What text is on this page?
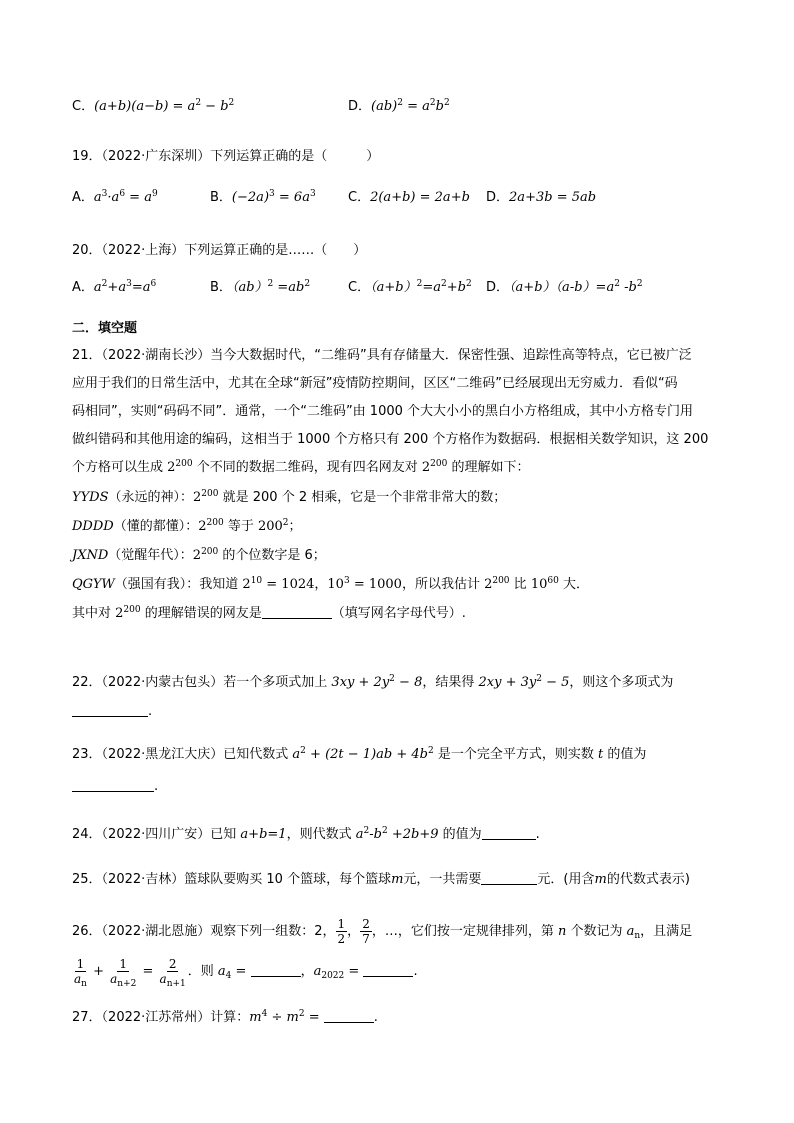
C．$(a+b)(a-b) = a^2 - b^2$	D．$(ab)^2 = a^2b^2$
19．（2022·广东深圳）下列运算正确的是（　　　）
A．$a^3\cdot a^6 = a^9$	B．$(-2a)^3 = 6a^3$ C．2(a+b) = 2a+b D．2a+3b = 5ab
20．（2022·上海）下列运算正确的是……（　　）
A．$a^2+a^3=a^6$	B．$(ab)^2 =ab^2$	C．$(a+b)^2=a^2+b^2$ D．$(a+b)(a-b)=a^2$ $-b^2$
二．填空题
21．（2022·湖南长沙）当今大数据时代，“二维码”具有存储量大．保密性强、追踪性高等特点，它已被广泛
应用于我们的日常生活中，尤其在全球“新冠”疫情防控期间，区区“二维码”已经展现出无穷威力．看似“码
码相同”，实则“码码不同”．通常，一个“二维码”由 1000 个大大小小的黑白小方格组成，其中小方格专门用
做纠错码和其他用途的编码，这相当于 1000 个方格只有 200 个方格作为数据码．根据相关数学知识，这 200
个方格可以生成 $2^{200}$ 个不同的数据二维码，现有四名网友对 $2^{200}$ 的理解如下：
YYDS（永远的神）：$2^{200}$ 就是 200 个 2 相乘，它是一个非常非常大的数；
DDDD（懂的都懂）：$2^{200}$ 等于 $200^2$；
JXND（觉醒年代）：$2^{200}$ 的个位数字是 6；
QGYW（强国有我）：我知道 $2^{10} = 1024$，$10^3 = 1000$，所以我估计 $2^{200}$ 比 $10^{60}$ 大．
其中对 $2^{200}$ 的理解错误的网友是	（填写网名字母代号）.
22．（2022·内蒙古包头）若一个多项式加上 $3xy + 2y^2 - 8$，结果得 $2xy + 3y^2 - 5$，则这个多项式为
.
23．（2022·黑龙江大庆）已知代数式 $a^2 + (2t - 1)ab + 4b^2$ 是一个完全平方式，则实数 t 的值为
.
24．（2022·四川广安）已知 a+b=1，则代数式 $a^2-b^2 +2b+9$ 的值为	.
25．（2022·吉林）篮球队要购买 10 个篮球，每个篮球m元，一共需要	元．(用含m的代数式表示)
26．（2022·湖北恩施）观察下列一组数：2， $\frac{1}{2}$ ， $\frac{2}{7}$ ，…，它们按一定规律排列，第 n 个数记为 $a_n$，且满足
$\frac{1}{a_n} + \frac{1}{a_{n+2}} = \frac{2}{a_{n+1}}$ ．则 $a_4$ =	，$a_{2022}$ =	.
27．（2022·江苏常州）计算：$m^4 \div m^2$ =	.
